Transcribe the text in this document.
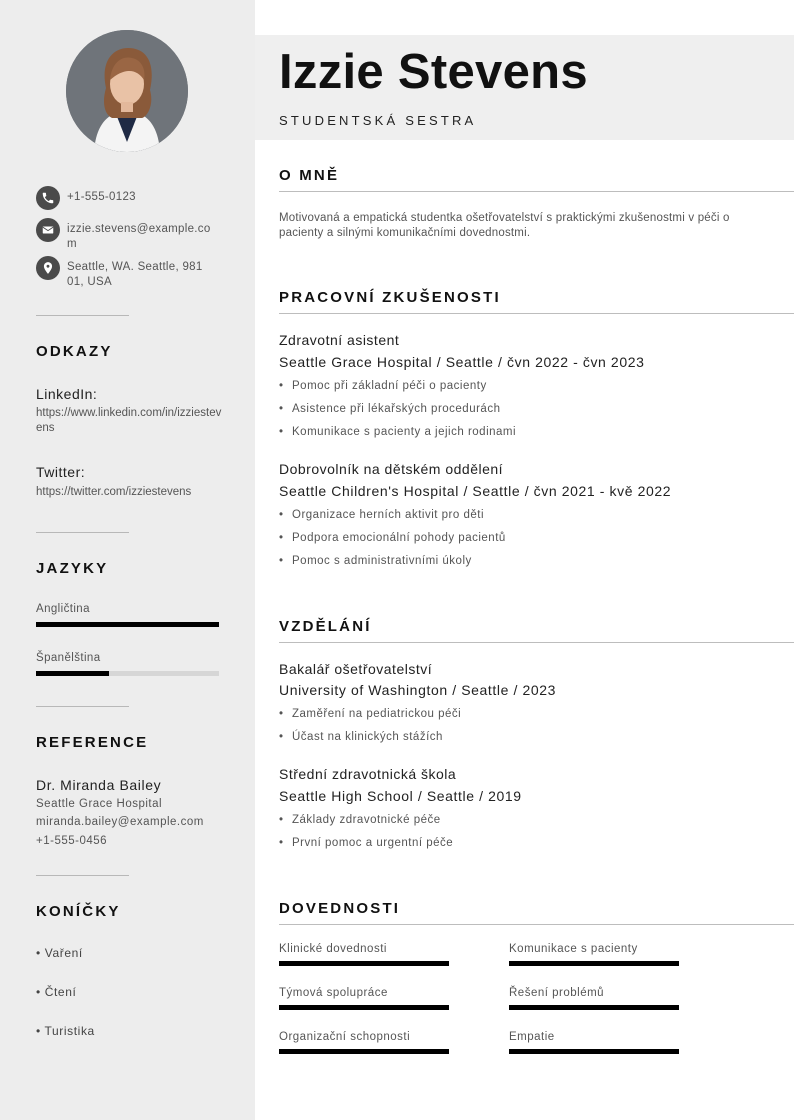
+1-555-0123
izzie.stevens@example.com
Seattle, WA. Seattle, 98101, USA
ODKAZY
LinkedIn:
https://www.linkedin.com/in/izziestevens
Twitter:
https://twitter.com/izziestevens
JAZYKY
Angličtina
Španělština
REFERENCE
Dr. Miranda Bailey
Seattle Grace Hospital
miranda.bailey@example.com
+1-555-0456
KONÍČKY
• Vaření
• Čtení
• Turistika
Izzie Stevens
STUDENTSKÁ SESTRA
O MNĚ
Motivovaná a empatická studentka ošetřovatelství s praktickými zkušenostmi v péči o pacienty a silnými komunikačními dovednostmi.
PRACOVNÍ ZKUŠENOSTI
Zdravotní asistent
Seattle Grace Hospital / Seattle / čvn 2022 - čvn 2023
• Pomoc při základní péči o pacienty
• Asistence při lékařských procedurách
• Komunikace s pacienty a jejich rodinami
Dobrovolník na dětském oddělení
Seattle Children's Hospital / Seattle / čvn 2021 - kvě 2022
• Organizace herních aktivit pro děti
• Podpora emocionální pohody pacientů
• Pomoc s administrativními úkoly
VZDĚLÁNÍ
Bakalář ošetřovatelství
University of Washington / Seattle / 2023
• Zaměření na pediatrickou péči
• Účast na klinických stážích
Střední zdravotnická škola
Seattle High School / Seattle / 2019
• Základy zdravotnické péče
• První pomoc a urgentní péče
DOVEDNOSTI
Klinické dovednosti	Komunikace s pacienty
Týmová spolupráce	Řešení problémů
Organizační schopnosti	Empatie
